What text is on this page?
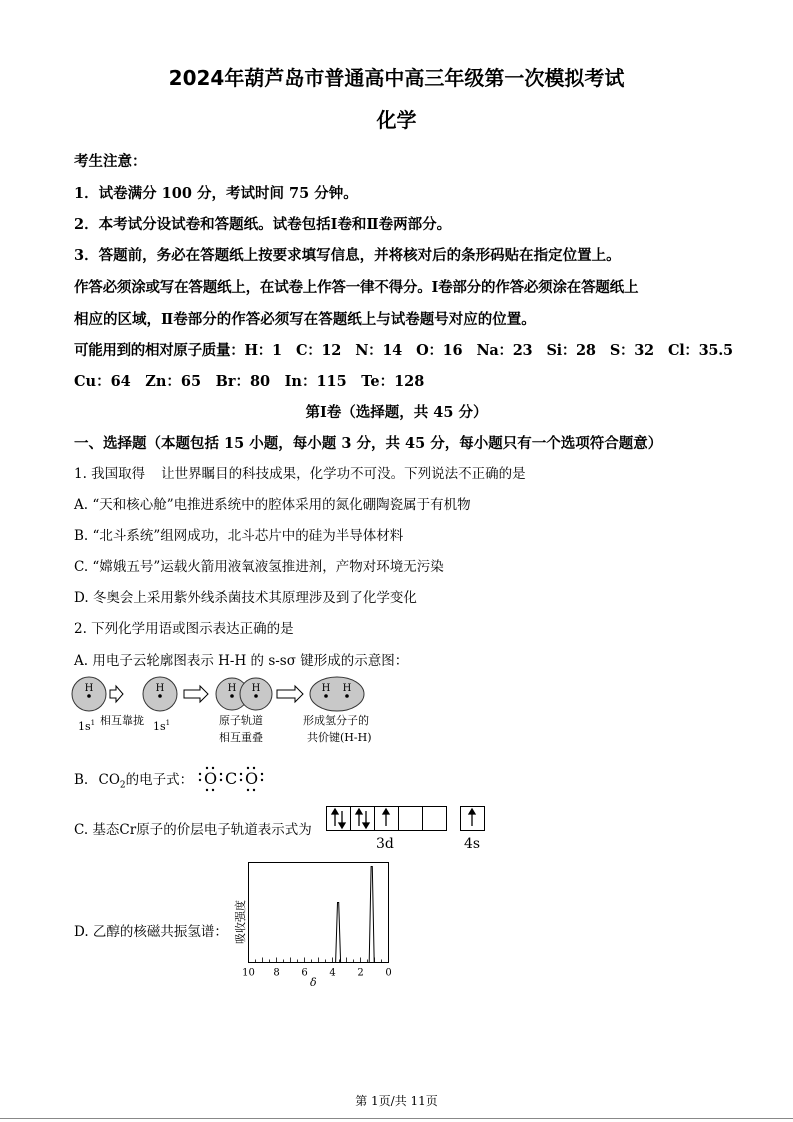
2024年葫芦岛市普通高中高三年级第一次模拟考试
化学
考生注意：
1．试卷满分 100 分，考试时间 75 分钟。
2．本考试分设试卷和答题纸。试卷包括Ⅰ卷和Ⅱ卷两部分。
3．答题前，务必在答题纸上按要求填写信息，并将核对后的条形码贴在指定位置上。
作答必须涂或写在答题纸上，在试卷上作答一律不得分。Ⅰ卷部分的作答必须涂在答题纸上
相应的区域，Ⅱ卷部分的作答必须写在答题纸上与试卷题号对应的位置。
可能用到的相对原子质量：H：1　C：12　N：14　O：16　Na：23　Si：28　S：32　Cl：35.5
Cu：64　Zn：65　Br：80　In：115　Te：128
第Ⅰ卷（选择题，共 45 分）
一、选择题（本题包括 15 小题，每小题 3 分，共 45 分，每小题只有一个选项符合题意）
1. 我国取得 让世界瞩目的科技成果，化学功不可没。下列说法不正确的是
A. “天和核心舱”电推进系统中的腔体采用的氮化硼陶瓷属于有机物
B. “北斗系统”组网成功，北斗芯片中的硅为半导体材料
C. “嫦娥五号”运载火箭用液氧液氢推进剂，产物对环境无污染
D. 冬奥会上采用紫外线杀菌技术其原理涉及到了化学变化
2. 下列化学用语或图示表达正确的是
A. 用电子云轮廓图表示 H-H 的 s-sσ 键形成的示意图：
H	H	H H	H H
$1s^1$ 相互靠拢 $1s^1$	原子轨道
相互重叠
形成氢分子的
共价键(H-H)
B. $CO_2$的电子式： O C O
C. 基态Cr原子的价层电子轨道表示式为
3d	4s
D. 乙醇的核磁共振氢谱： 吸收强度
10 8 6 4 2 0
δ
第 1页/共 11页
